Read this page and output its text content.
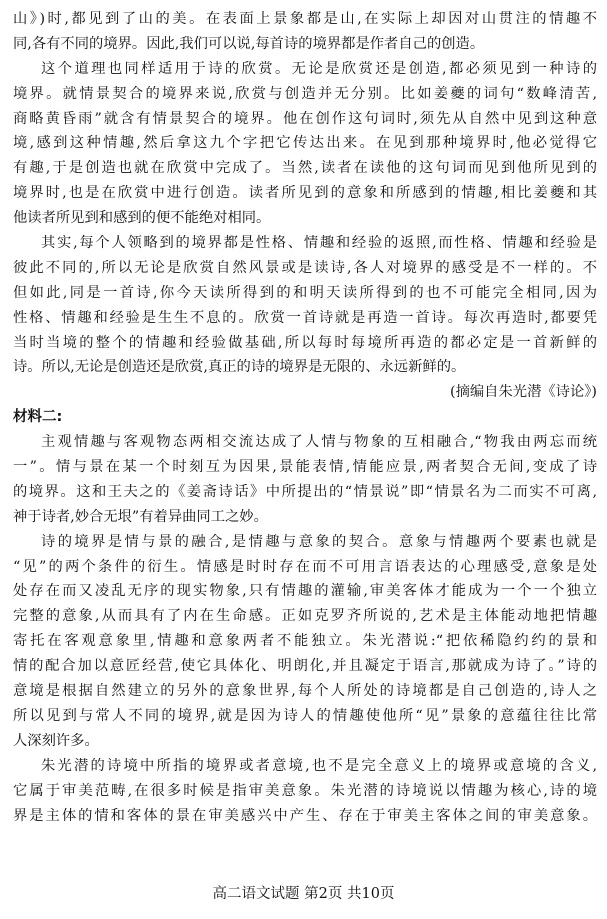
山》)时,都见到了山的美。在表面上景象都是山,在实际上却因对山贯注的情趣不
同,各有不同的境界。因此,我们可以说,每首诗的境界都是作者自己的创造。
这个道理也同样适用于诗的欣赏。无论是欣赏还是创造,都必须见到一种诗的
境界。就情景契合的境界来说,欣赏与创造并无分别。比如姜夔的词句“数峰清苦,
商略黄昏雨”就含有情景契合的境界。他在创作这句词时,须先从自然中见到这种意
境,感到这种情趣,然后拿这九个字把它传达出来。在见到那种境界时,他必觉得它
有趣,于是创造也就在欣赏中完成了。当然,读者在读他的这句词而见到他所见到的
境界时,也是在欣赏中进行创造。读者所见到的意象和所感到的情趣,相比姜夔和其
他读者所见到和感到的便不能绝对相同。
其实,每个人领略到的境界都是性格、情趣和经验的返照,而性格、情趣和经验是
彼此不同的,所以无论是欣赏自然风景或是读诗,各人对境界的感受是不一样的。不
但如此,同是一首诗,你今天读所得到的和明天读所得到的也不可能完全相同,因为
性格、情趣和经验是生生不息的。欣赏一首诗就是再造一首诗。每次再造时,都要凭
当时当境的整个的情趣和经验做基础,所以每时每境所再造的都必定是一首新鲜的
诗。所以,无论是创造还是欣赏,真正的诗的境界是无限的、永远新鲜的。
(摘编自朱光潜《诗论》)
材料二:
主观情趣与客观物态两相交流达成了人情与物象的互相融合,“物我由两忘而统
一”。情与景在某一个时刻互为因果,景能表情,情能应景,两者契合无间,变成了诗
的境界。这和王夫之的《姜斋诗话》中所提出的“情景说”即“情景名为二而实不可离,
神于诗者,妙合无垠”有着异曲同工之妙。
诗的境界是情与景的融合,是情趣与意象的契合。意象与情趣两个要素也就是
“见”的两个条件的衍生。情感是时时存在而不可用言语表达的心理感受,意象是处
处存在而又凌乱无序的现实物象,只有情趣的灌输,审美客体才能成为一个一个独立
完整的意象,从而具有了内在生命感。正如克罗齐所说的,艺术是主体能动地把情趣
寄托在客观意象里,情趣和意象两者不能独立。朱光潜说:“把依稀隐约约的景和
情的配合加以意匠经营,使它具体化、明朗化,并且凝定于语言,那就成为诗了。”诗的
意境是根据自然建立的另外的意象世界,每个人所处的诗境都是自己创造的,诗人之
所以见到与常人不同的境界,就是因为诗人的情趣使他所“见”景象的意蕴往往比常
人深刻许多。
朱光潜的诗境中所指的境界或者意境,也不是完全意义上的境界或意境的含义,
它属于审美范畴,在很多时候是指审美意象。朱光潜的诗境说以情趣为核心,诗的境
界是主体的情和客体的景在审美感兴中产生、存在于审美主客体之间的审美意象。
高二语文试题 第2页 共10页
